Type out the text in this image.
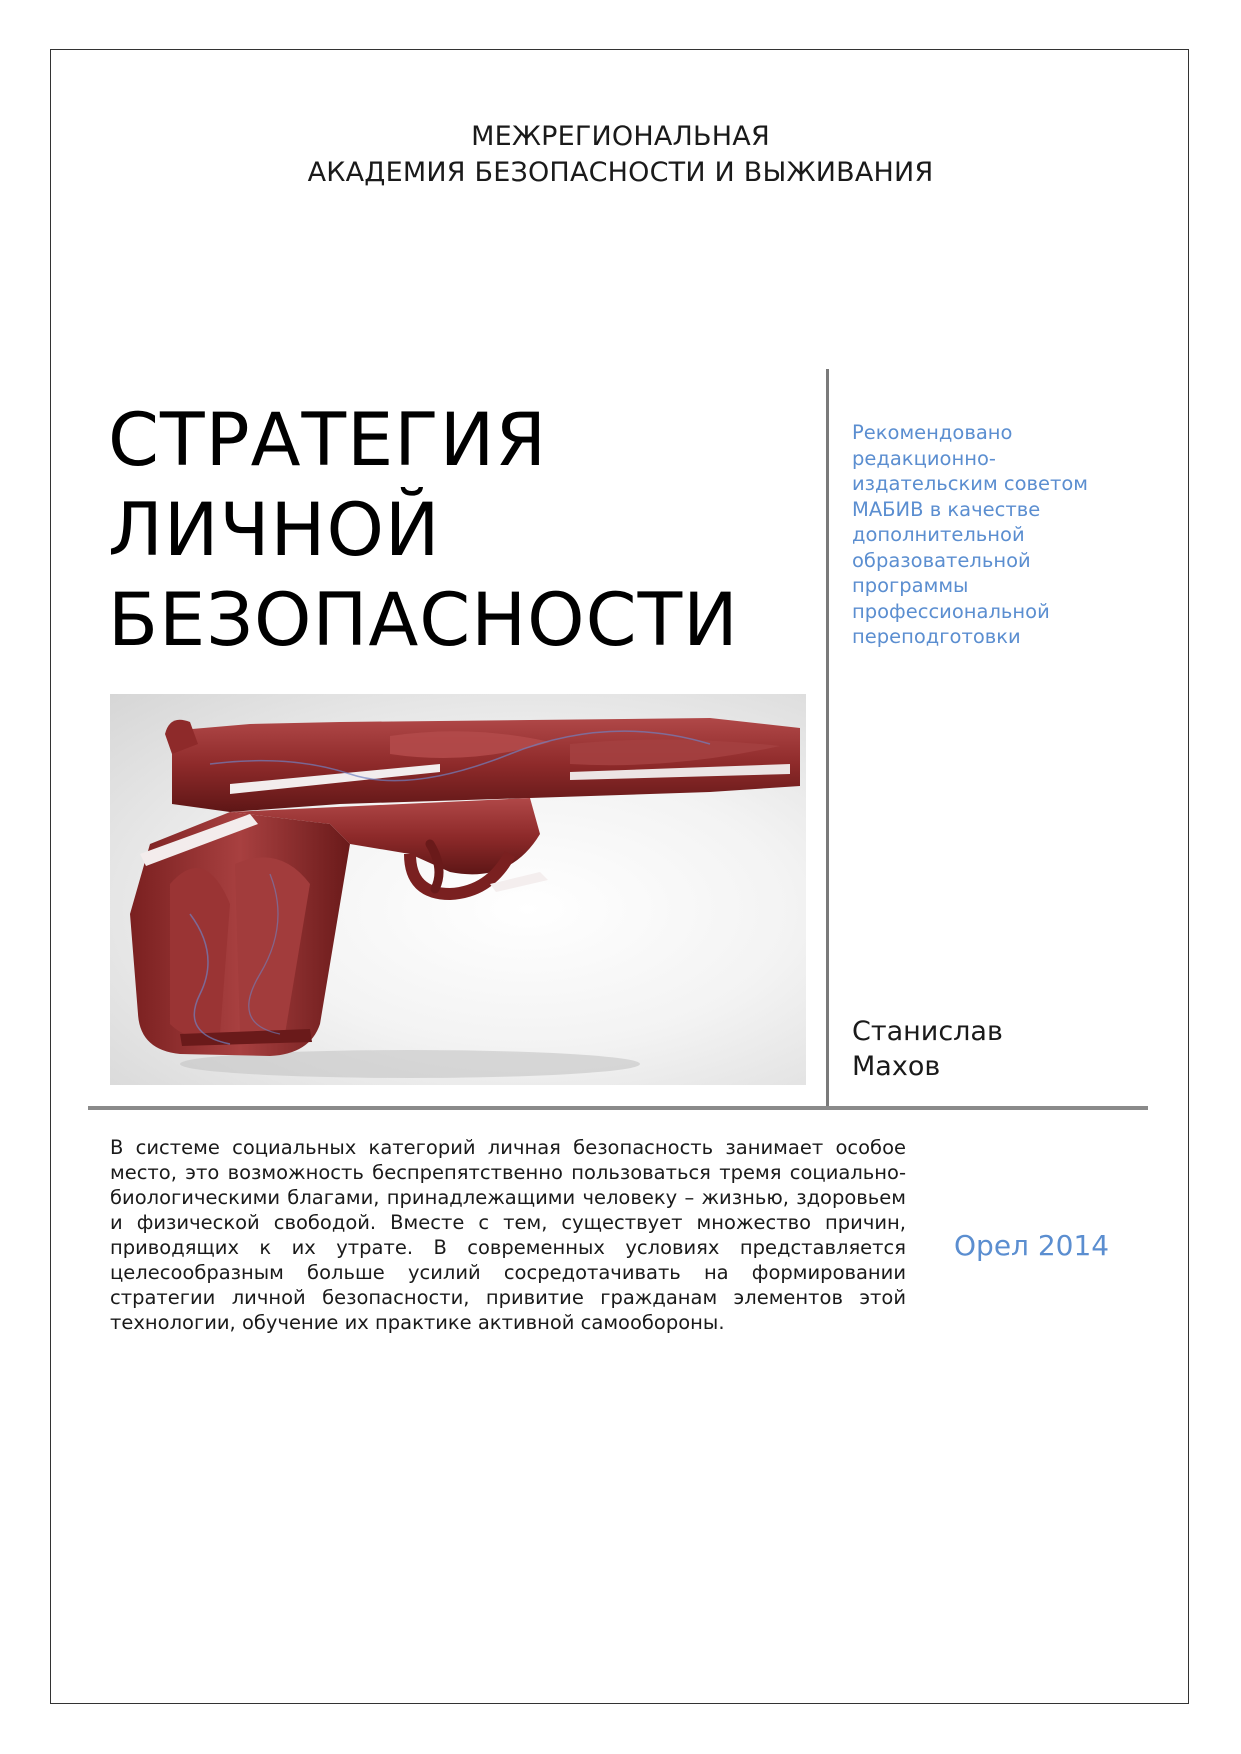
МЕЖРЕГИОНАЛЬНАЯ
АКАДЕМИЯ БЕЗОПАСНОСТИ И ВЫЖИВАНИЯ
СТРАТЕГИЯ
ЛИЧНОЙ
БЕЗОПАСНОСТИ
Рекомендовано редакционно-издательским советом МАБИВ в качестве дополнительной образовательной программы профессиональной переподготовки
Станислав
Махов
В системе социальных категорий личная безопасность занимает особое место, это возможность беспрепятственно пользоваться тремя социально-биологическими благами, принадлежащими человеку – жизнью, здоровьем и физической свободой. Вместе с тем, существует множество причин, приводящих к их утрате. В современных условиях представляется целесообразным больше усилий сосредотачивать на формировании стратегии личной безопасности, привитие гражданам элементов этой технологии, обучение их практике активной самообороны.
Орел 2014
